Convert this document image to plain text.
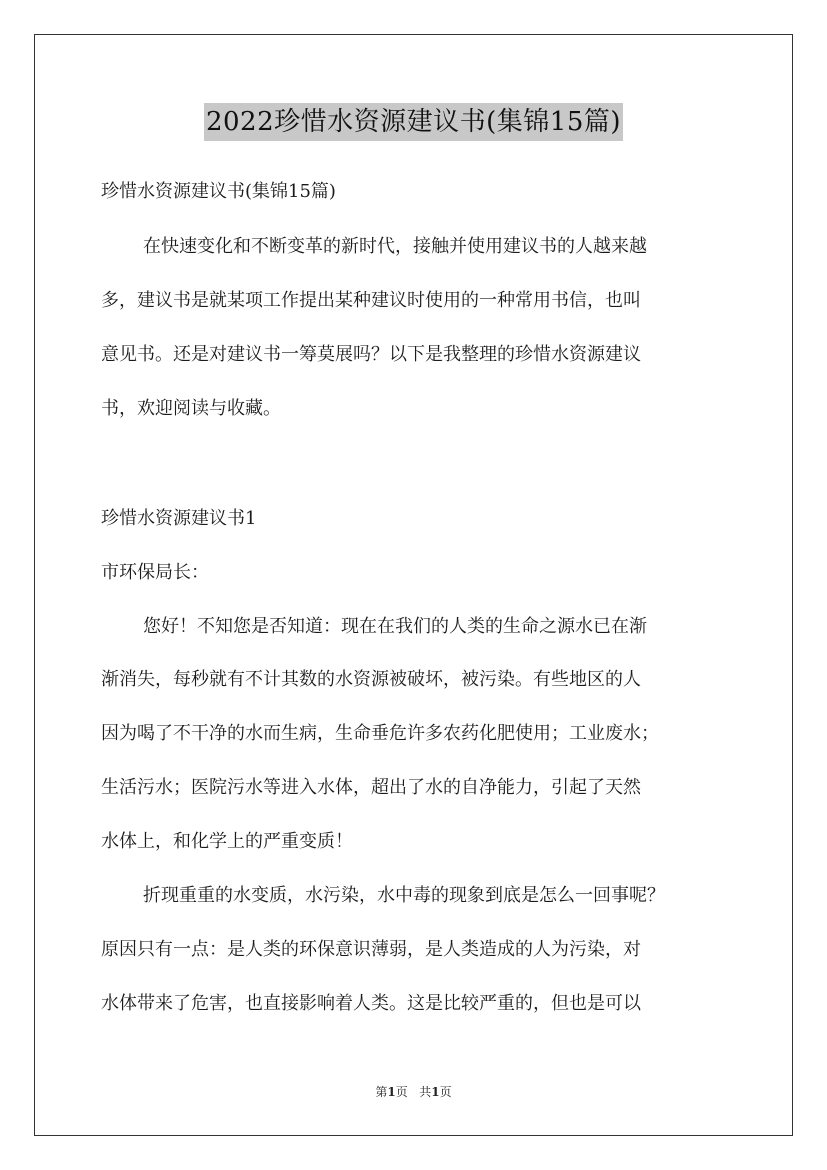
2022珍惜水资源建议书(集锦15篇)
珍惜水资源建议书(集锦15篇)
在快速变化和不断变革的新时代，接触并使用建议书的人越来越
多，建议书是就某项工作提出某种建议时使用的一种常用书信，也叫
意见书。还是对建议书一筹莫展吗？以下是我整理的珍惜水资源建议
书，欢迎阅读与收藏。
珍惜水资源建议书1
市环保局长：
您好！不知您是否知道：现在在我们的人类的生命之源水已在渐
渐消失，每秒就有不计其数的水资源被破坏，被污染。有些地区的人
因为喝了不干净的水而生病，生命垂危许多农药化肥使用；工业废水；
生活污水；医院污水等进入水体，超出了水的自净能力，引起了天然
水体上，和化学上的严重变质！
折现重重的水变质，水污染，水中毒的现象到底是怎么一回事呢？
原因只有一点：是人类的环保意识薄弱，是人类造成的人为污染，对
水体带来了危害，也直接影响着人类。这是比较严重的，但也是可以
第1页 共1页
